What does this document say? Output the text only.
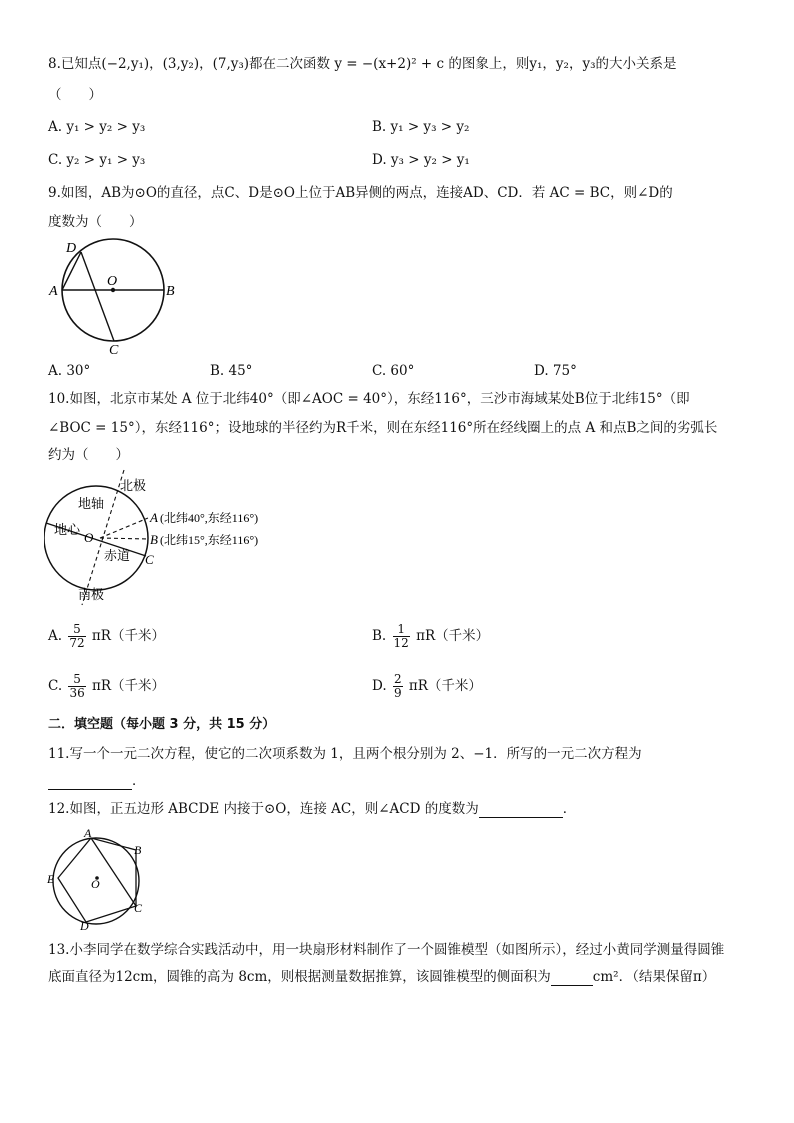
8.已知点(−2,y₁)，(3,y₂)，(7,y₃)都在二次函数 y = −(x+2)² + c 的图象上，则y₁，y₂，y₃的大小关系是
（　　）
A. y₁ > y₂ > y₃	B. y₁ > y₃ > y₂
C. y₂ > y₁ > y₃	D. y₃ > y₂ > y₁
9.如图，AB为⊙O的直径，点C、D是⊙O上位于AB异侧的两点，连接AD、CD．若 AC = BC，则∠D的
度数为（　　）
D
O
A	B
C
A. 30°	B. 45°	C. 60°	D. 75°
10.如图，北京市某处 A 位于北纬40°（即∠AOC = 40°），东经116°，三沙市海域某处B位于北纬15°（即
∠BOC = 15°），东经116°；设地球的半径约为R千米，则在东经116°所在经线圈上的点 A 和点B之间的劣弧长
约为（　　）
北极
地轴
地心
O
赤道
南极
A (北纬40°,东经116°)
B (北纬15°,东经116°)
C
A. $\frac{5}{72} \pi R$（千米）	B. $\frac{1}{12} \pi R$（千米）
C. $\frac{5}{36} \pi R$（千米）	D. $\frac{2}{9} \pi R$（千米）
二．填空题（每小题 3 分，共 15 分）
11.写一个一元二次方程，使它的二次项系数为 1，且两个根分别为 2、−1．所写的一元二次方程为
．
12.如图，正五边形 ABCDE 内接于⊙O，连接 AC，则∠ACD 的度数为	．
A
B
C
D
E	O
13.小李同学在数学综合实践活动中，用一块扇形材料制作了一个圆锥模型（如图所示），经过小黄同学测量得圆锥
底面直径为12cm，圆锥的高为 8cm，则根据测量数据推算，该圆锥模型的侧面积为	cm²．（结果保留π）
